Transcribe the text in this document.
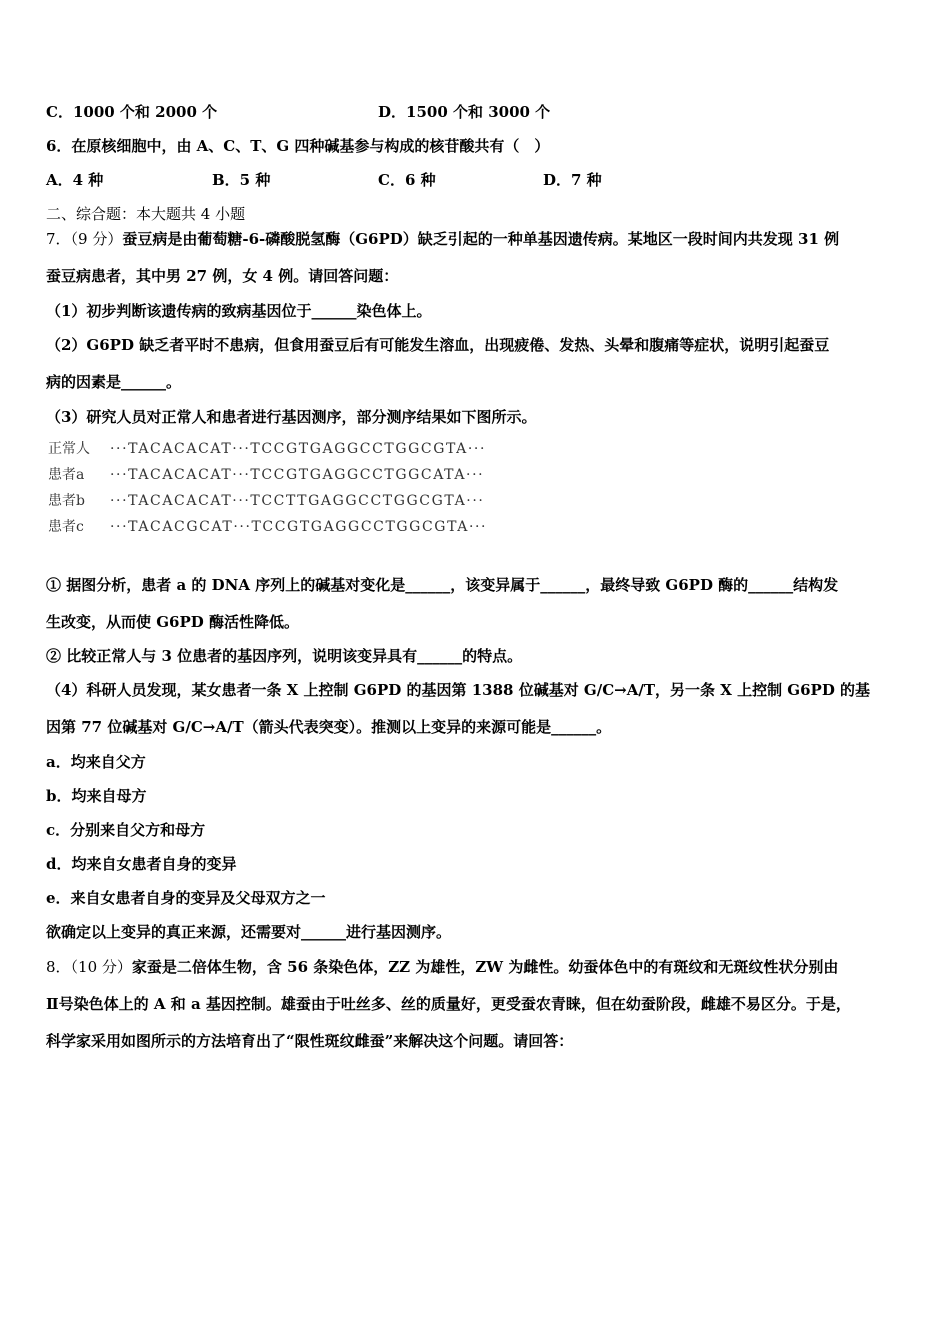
C．1000 个和 2000 个	D．1500 个和 3000 个
6．在原核细胞中，由 A、C、T、G 四种碱基参与构成的核苷酸共有（　）
A．4 种	B．5 种	C．6 种	D．7 种
二、综合题：本大题共 4 小题
7．（9 分）蚕豆病是由葡萄糖-6-磷酸脱氢酶（G6PD）缺乏引起的一种单基因遗传病。某地区一段时间内共发现 31 例
蚕豆病患者，其中男 27 例，女 4 例。请回答问题：
（1）初步判断该遗传病的致病基因位于______染色体上。
（2）G6PD 缺乏者平时不患病，但食用蚕豆后有可能发生溶血，出现疲倦、发热、头晕和腹痛等症状，说明引起蚕豆
病的因素是______。
（3）研究人员对正常人和患者进行基因测序，部分测序结果如下图所示。
正常人 ···TACACACAT···TCCGTGAGGCCTGGCGTA···
患者a ···TACACACAT···TCCGTGAGGCCTGGCATA···
患者b ···TACACACAT···TCCTTGAGGCCTGGCGTA···
患者c ···TACACGCAT···TCCGTGAGGCCTGGCGTA···
① 据图分析，患者 a 的 DNA 序列上的碱基对变化是______，该变异属于______，最终导致 G6PD 酶的______结构发
生改变，从而使 G6PD 酶活性降低。
② 比较正常人与 3 位患者的基因序列，说明该变异具有______的特点。
（4）科研人员发现，某女患者一条 X 上控制 G6PD 的基因第 1388 位碱基对 G/C→A/T，另一条 X 上控制 G6PD 的基
因第 77 位碱基对 G/C→A/T（箭头代表突变）。推测以上变异的来源可能是______。
a．均来自父方
b．均来自母方
c．分别来自父方和母方
d．均来自女患者自身的变异
e．来自女患者自身的变异及父母双方之一
欲确定以上变异的真正来源，还需要对______进行基因测序。
8．（10 分）家蚕是二倍体生物，含 56 条染色体，ZZ 为雄性，ZW 为雌性。幼蚕体色中的有斑纹和无斑纹性状分别由
Ⅱ号染色体上的 A 和 a 基因控制。雄蚕由于吐丝多、丝的质量好，更受蚕农青睐，但在幼蚕阶段，雌雄不易区分。于是，
科学家采用如图所示的方法培育出了“限性斑纹雌蚕”来解决这个问题。请回答：
